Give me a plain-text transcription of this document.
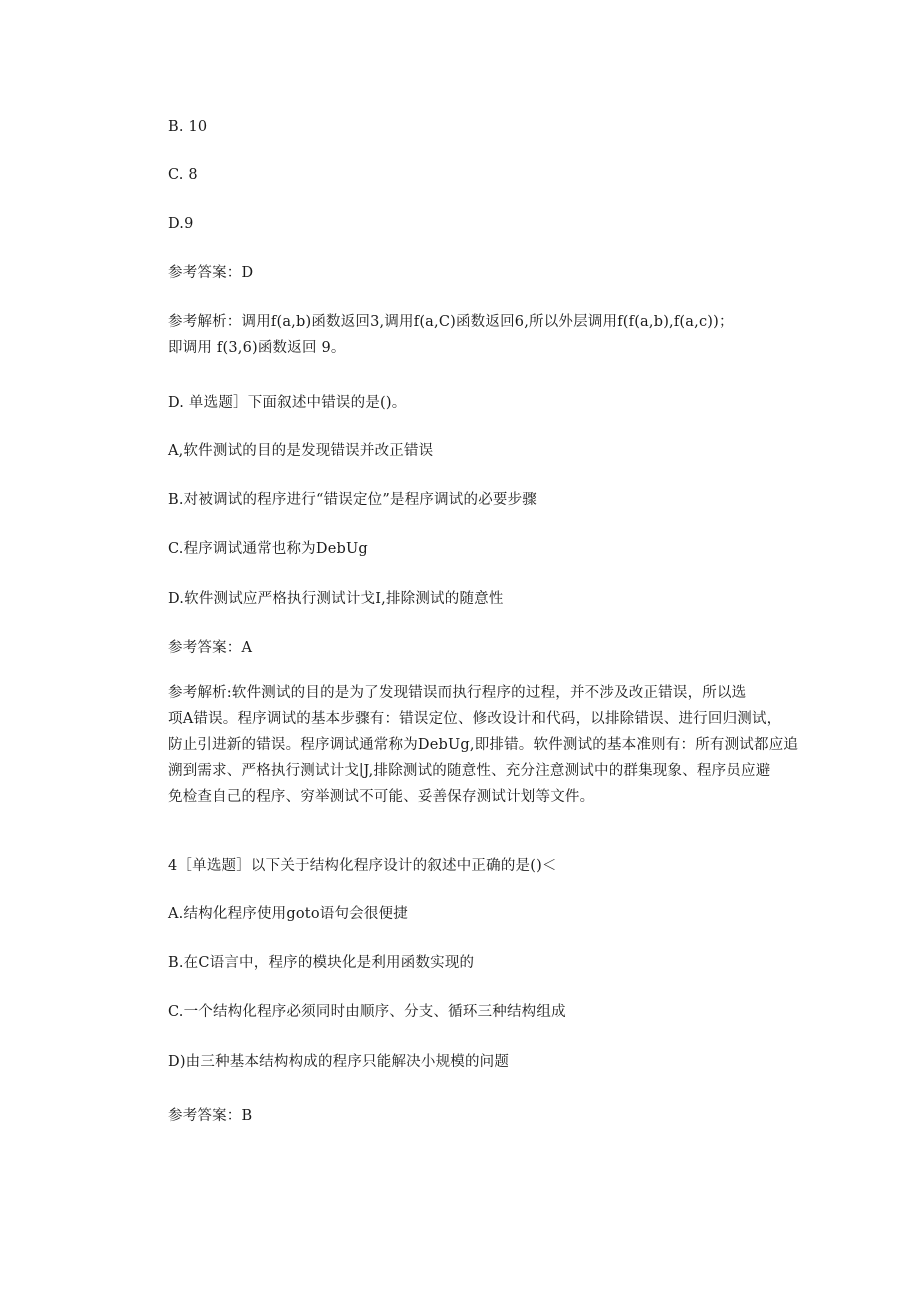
B. 10
C. 8
D.9
参考答案：D
参考解析：调用f(a,b)函数返回3,调用f(a,C)函数返回6,所以外层调用f(f(a,b),f(a,c))；
即调用 f(3,6)函数返回 9。
D. 单选题］下面叙述中错误的是()。
A,软件测试的目的是发现错误并改正错误
B.对被调试的程序进行“错误定位”是程序调试的必要步骤
C.程序调试通常也称为DebUg
D.软件测试应严格执行测试计戈I,排除测试的随意性
参考答案：A
参考解析:软件测试的目的是为了发现错误而执行程序的过程，并不涉及改正错误，所以选
项A错误。程序调试的基本步骤有：错误定位、修改设计和代码，以排除错误、进行回归测试，
防止引进新的错误。程序调试通常称为DebUg,即排错。软件测试的基本准则有：所有测试都应追
溯到需求、严格执行测试计戈∣J,排除测试的随意性、充分注意测试中的群集现象、程序员应避
免检查自己的程序、穷举测试不可能、妥善保存测试计划等文件。
4［单选题］以下关于结构化程序设计的叙述中正确的是()＜
A.结构化程序使用goto语句会很便捷
B.在C语言中，程序的模块化是利用函数实现的
C.一个结构化程序必须同时由顺序、分支、循环三种结构组成
D)由三种基本结构构成的程序只能解决小规模的问题
参考答案：B
